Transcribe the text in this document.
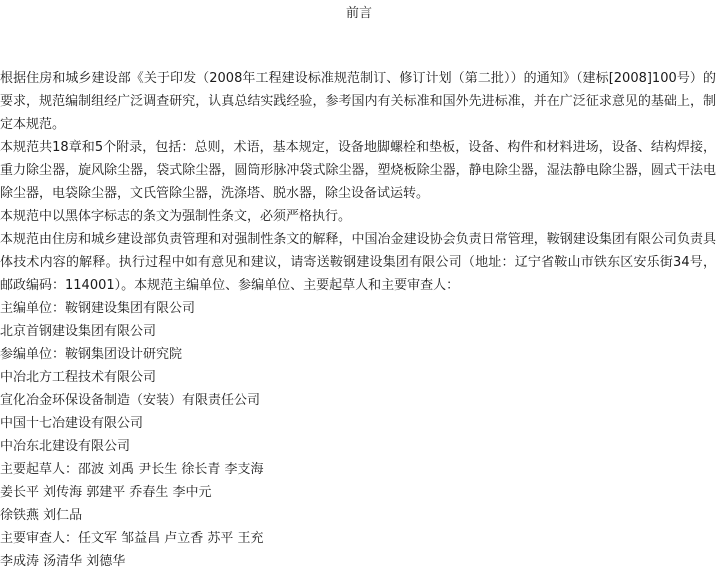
前言

根据住房和城乡建设部《关于印发（2008年工程建设标准规范制订、修订计划（第二批））的通知》（建标[2008]100号）的要求，规范编制组经广泛调查研究，认真总结实践经验，参考国内有关标准和国外先进标准，并在广泛征求意见的基础上，制定本规范。

本规范共18章和5个附录，包括：总则，术语，基本规定，设备地脚螺栓和垫板，设备、构件和材料进场，设备、结构焊接，重力除尘器，旋风除尘器，袋式除尘器，圆筒形脉冲袋式除尘器，塑烧板除尘器，静电除尘器，湿法静电除尘器，圆式干法电除尘器，电袋除尘器，文氏管除尘器，洗涤塔、脱水器，除尘设备试运转。

本规范中以黑体字标志的条文为强制性条文，必须严格执行。

本规范由住房和城乡建设部负责管理和对强制性条文的解释，中国冶金建设协会负责日常管理，鞍钢建设集团有限公司负责具体技术内容的解释。执行过程中如有意见和建议，请寄送鞍钢建设集团有限公司（地址：辽宁省鞍山市铁东区安乐街34号，邮政编码：114001）。本规范主编单位、参编单位、主要起草人和主要审查人：

主编单位：鞍钢建设集团有限公司

北京首钢建设集团有限公司

参编单位：鞍钢集团设计研究院

中冶北方工程技术有限公司

宣化冶金环保设备制造（安装）有限责任公司

中国十七冶建设有限公司

中冶东北建设有限公司

主要起草人：邵波 刘禹 尹长生 徐长青 李支海

姜长平 刘传海 郭建平 乔春生 李中元

徐铁燕 刘仁品

主要审查人：任文军 邹益昌 卢立香 苏平 王充

李成涛 汤清华 刘德华
